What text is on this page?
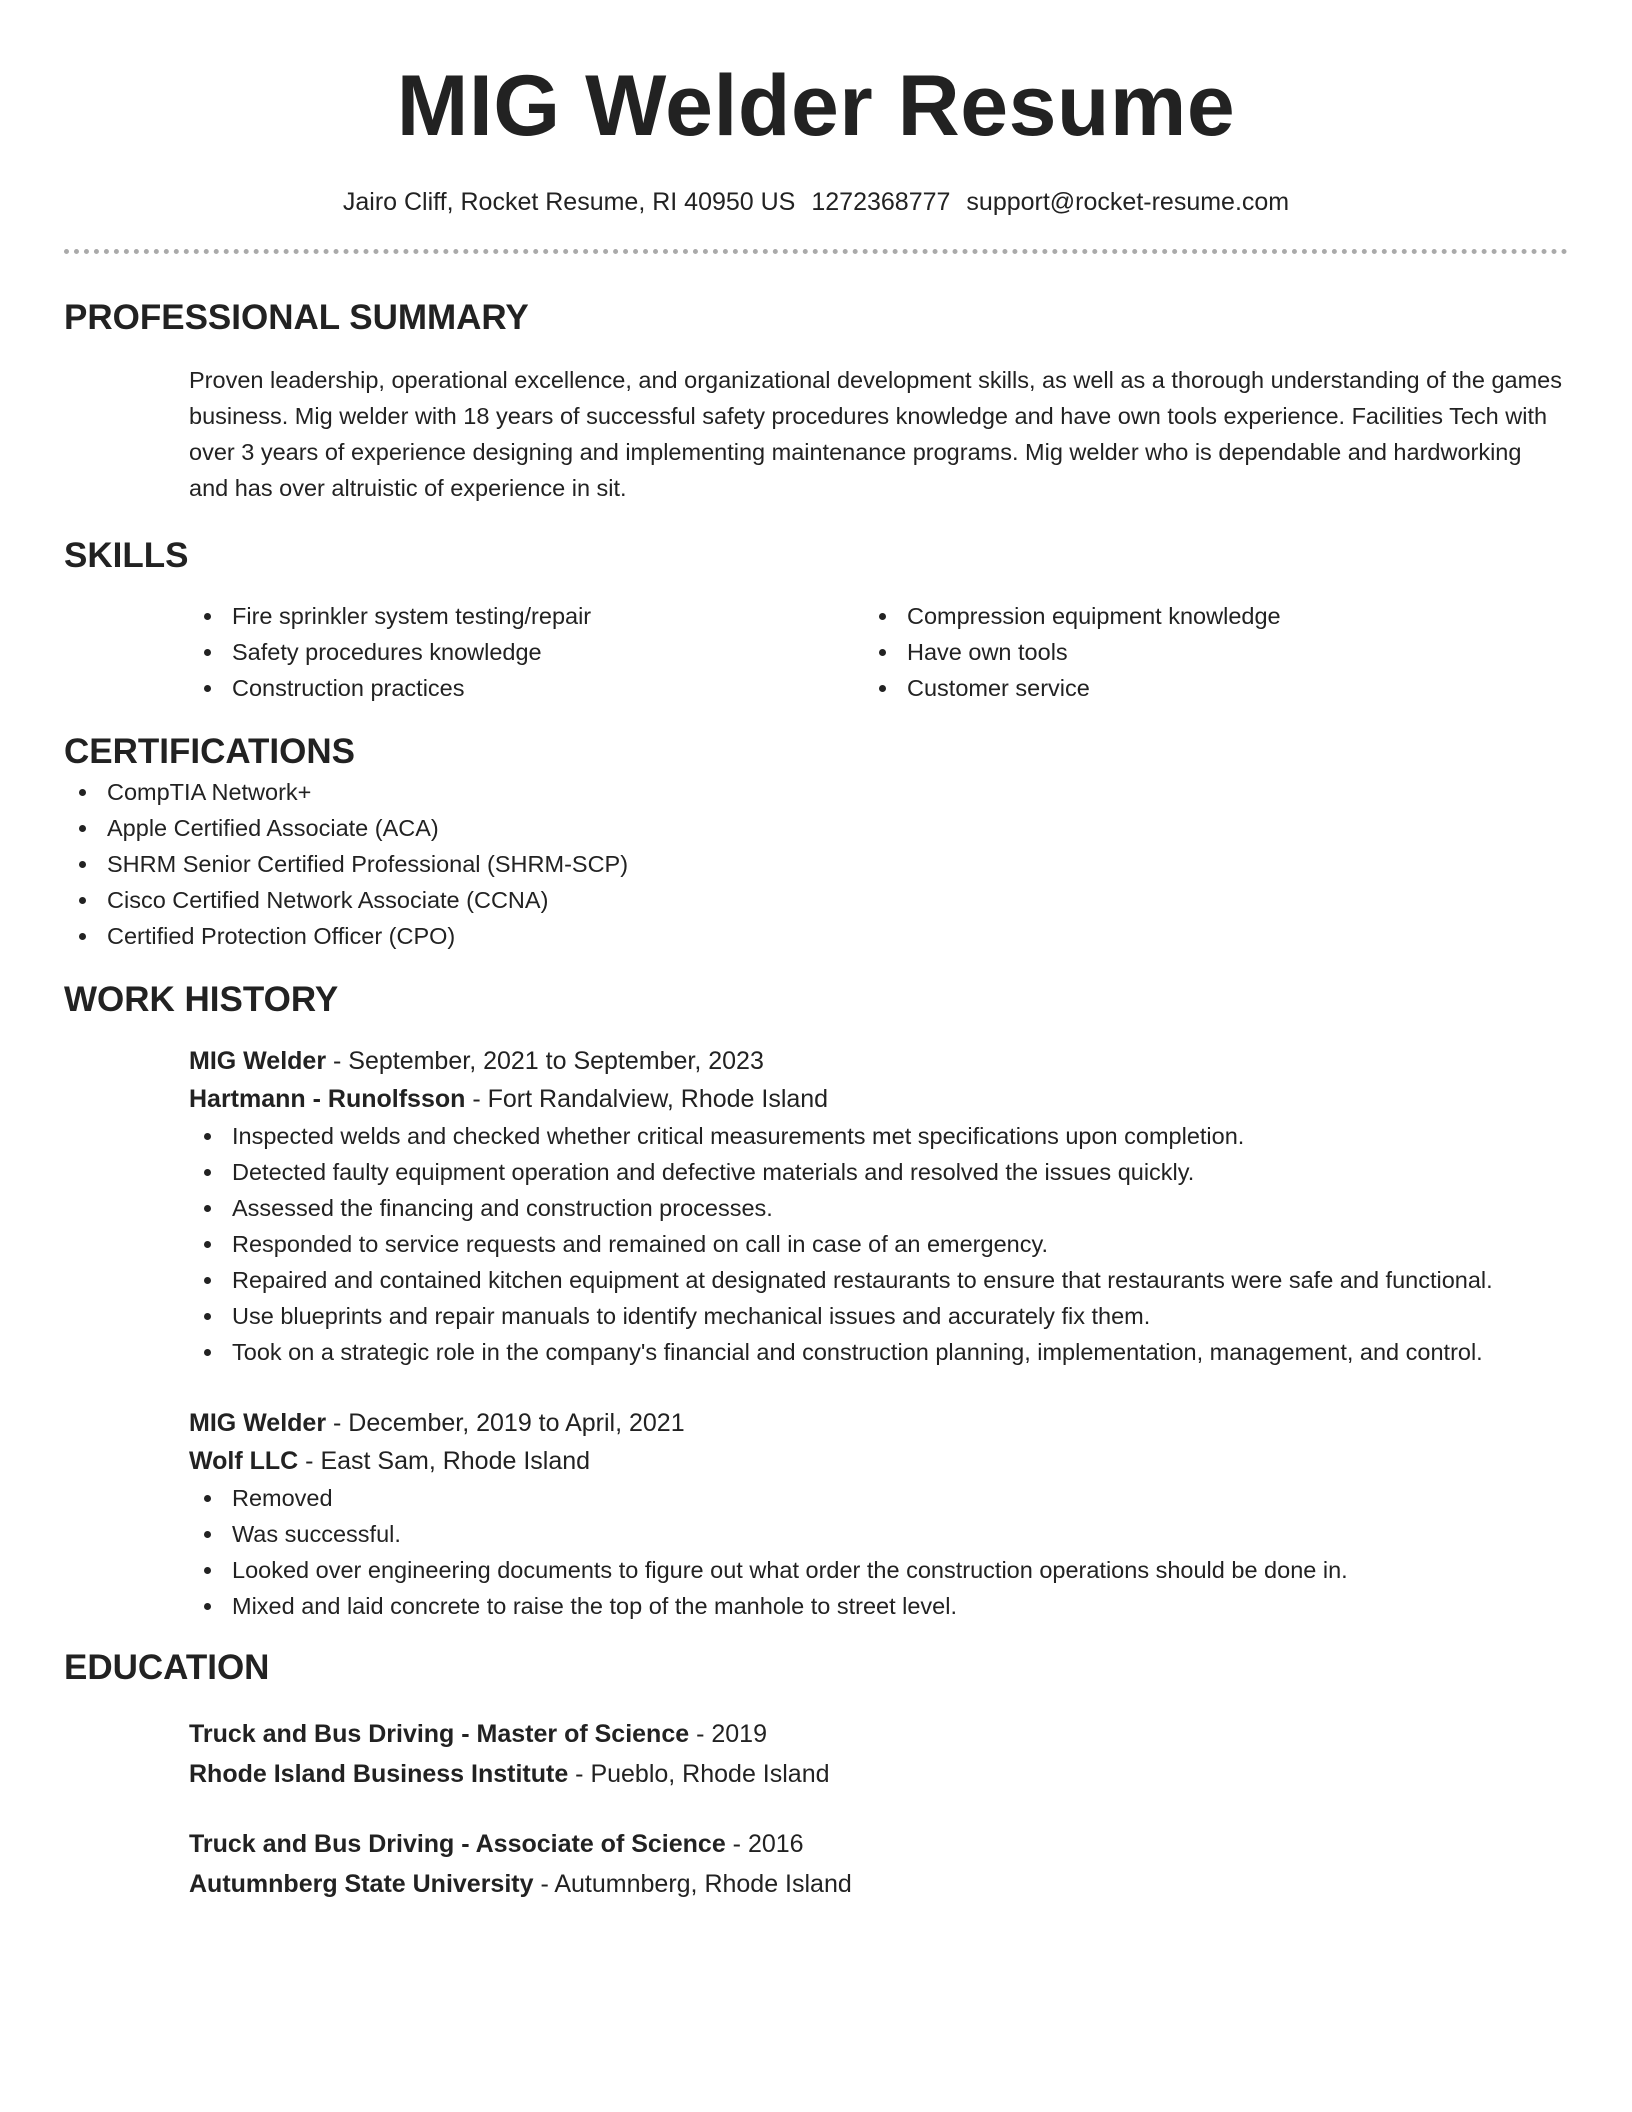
MIG Welder Resume
Jairo Cliff, Rocket Resume, RI 40950 US 1272368777 support@rocket-resume.com
PROFESSIONAL SUMMARY
Proven leadership, operational excellence, and organizational development skills, as well as a thorough understanding of the games business. Mig welder with 18 years of successful safety procedures knowledge and have own tools experience. Facilities Tech with over 3 years of experience designing and implementing maintenance programs. Mig welder who is dependable and hardworking and has over altruistic of experience in sit.
SKILLS
Fire sprinkler system testing/repair
Safety procedures knowledge
Construction practices
Compression equipment knowledge
Have own tools
Customer service
CERTIFICATIONS
CompTIA Network+
Apple Certified Associate (ACA)
SHRM Senior Certified Professional (SHRM-SCP)
Cisco Certified Network Associate (CCNA)
Certified Protection Officer (CPO)
WORK HISTORY
MIG Welder - September, 2021 to September, 2023
Hartmann - Runolfsson - Fort Randalview, Rhode Island
Inspected welds and checked whether critical measurements met specifications upon completion.
Detected faulty equipment operation and defective materials and resolved the issues quickly.
Assessed the financing and construction processes.
Responded to service requests and remained on call in case of an emergency.
Repaired and contained kitchen equipment at designated restaurants to ensure that restaurants were safe and functional.
Use blueprints and repair manuals to identify mechanical issues and accurately fix them.
Took on a strategic role in the company's financial and construction planning, implementation, management, and control.
MIG Welder - December, 2019 to April, 2021
Wolf LLC - East Sam, Rhode Island
Removed
Was successful.
Looked over engineering documents to figure out what order the construction operations should be done in.
Mixed and laid concrete to raise the top of the manhole to street level.
EDUCATION
Truck and Bus Driving - Master of Science - 2019
Rhode Island Business Institute - Pueblo, Rhode Island
Truck and Bus Driving - Associate of Science - 2016
Autumnberg State University - Autumnberg, Rhode Island
